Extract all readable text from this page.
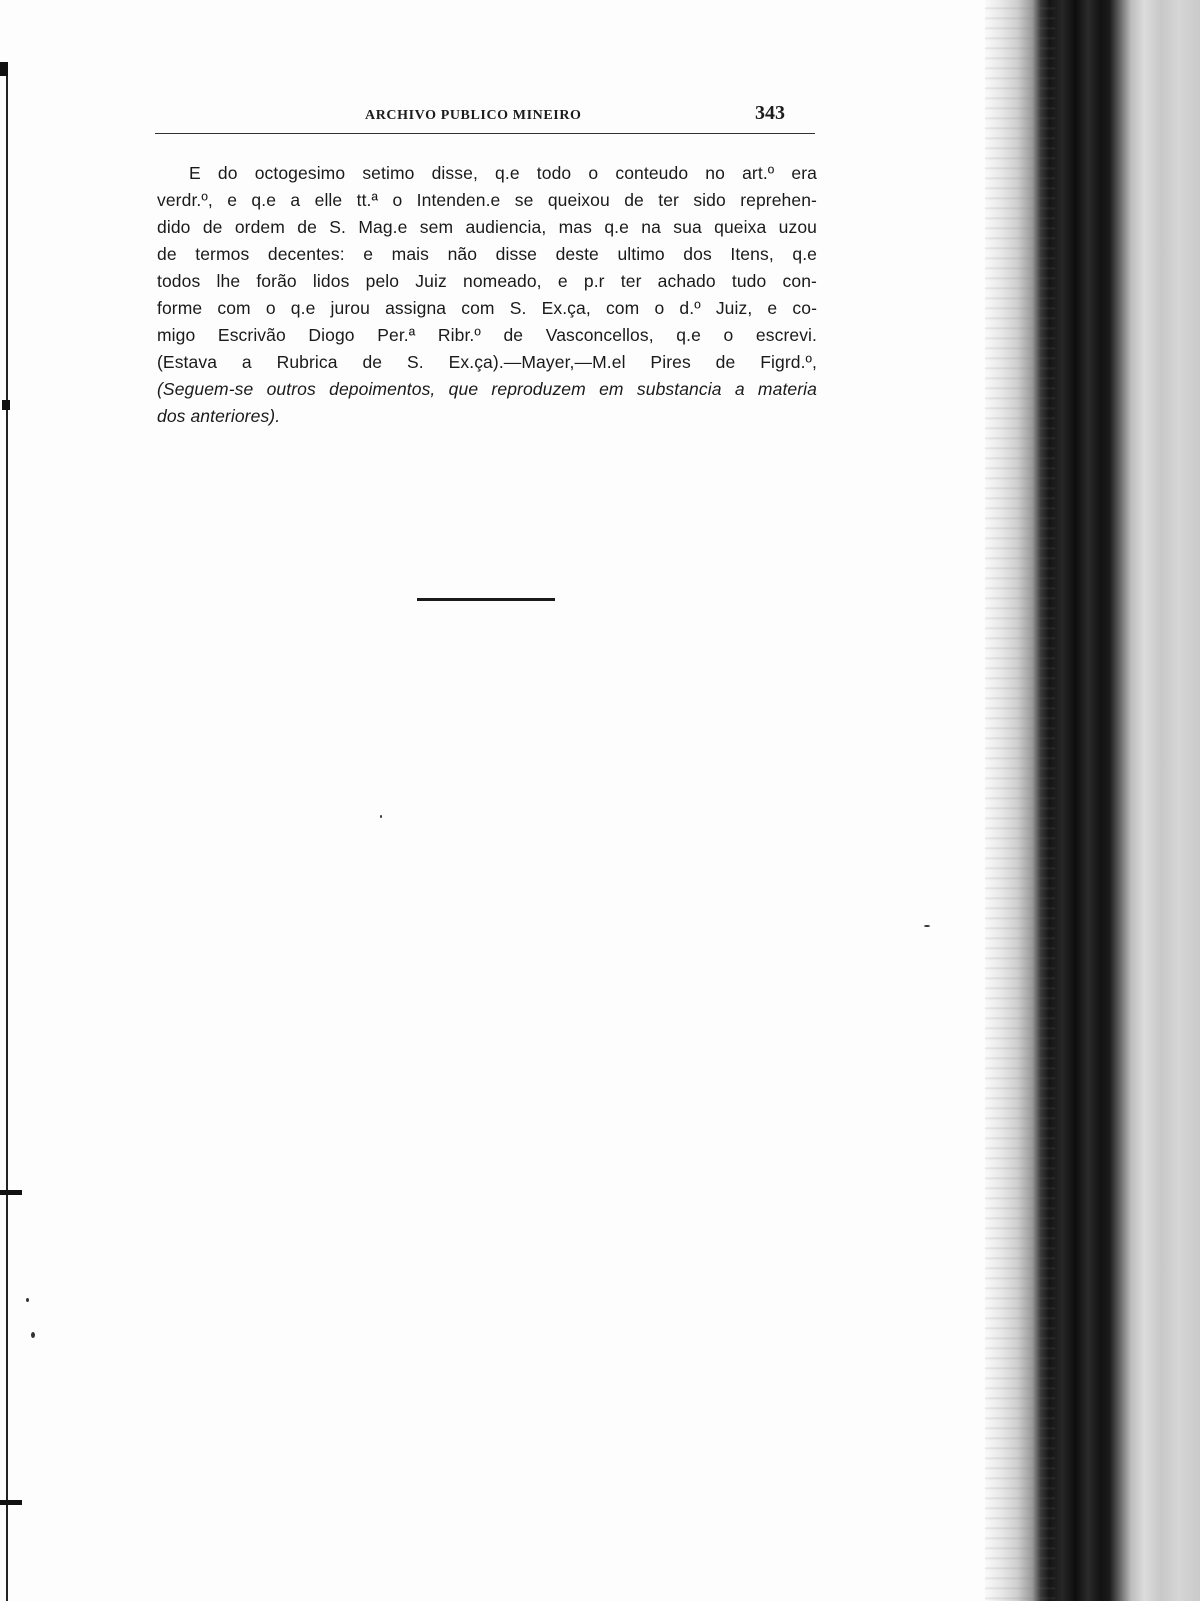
ARCHIVO PUBLICO MINEIRO	343
E do octogesimo setimo disse, q.e todo o conteudo no art.º era
verdr.º, e q.e a elle tt.ª o Intenden.e se queixou de ter sido reprehen-
dido de ordem de S. Mag.e sem audiencia, mas q.e na sua queixa uzou
de termos decentes: e mais não disse deste ultimo dos Itens, q.e
todos lhe forão lidos pelo Juiz nomeado, e p.r ter achado tudo con-
forme com o q.e jurou assigna com S. Ex.ça, com o d.º Juiz, e co-
migo Escrivão Diogo Per.ª Ribr.º de Vasconcellos, q.e o escrevi.
(Estava a Rubrica de S. Ex.ça).—Mayer,—M.el Pires de Figrd.º,
(Seguem-se outros depoimentos, que reproduzem em substancia a materia
dos anteriores).
